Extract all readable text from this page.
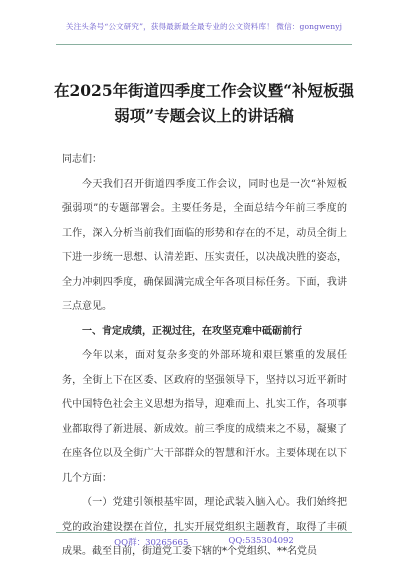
关注头条号“公文研究”，获得最新最全最专业的公文资料库！ 微信：gongwenyj
在2025年街道四季度工作会议暨“补短板强弱项”专题会议上的讲话稿

同志们：

今天我们召开街道四季度工作会议，同时也是一次“补短板强弱项”的专题部署会。主要任务是，全面总结今年前三季度的工作，深入分析当前我们面临的形势和存在的不足，动员全街上下进一步统一思想、认清差距、压实责任，以决战决胜的姿态，全力冲刺四季度，确保圆满完成全年各项目标任务。下面，我讲三点意见。

一、肯定成绩，正视过往，在攻坚克难中砥砺前行

今年以来，面对复杂多变的外部环境和艰巨繁重的发展任务，全街上下在区委、区政府的坚强领导下，坚持以习近平新时代中国特色社会主义思想为指导，迎难而上、扎实工作，各项事业都取得了新进展、新成效。前三季度的成绩来之不易，凝聚了在座各位以及全街广大干部群众的智慧和汗水。主要体现在以下几个方面：

（一）党建引领根基牢固，理论武装入脑入心。我们始终把党的政治建设摆在首位，扎实开展党组织主题教育，取得了丰硕成果。截至目前，街道党工委下辖的*个党组织、**名党员

QQ群：30265665	QQ:535304092
